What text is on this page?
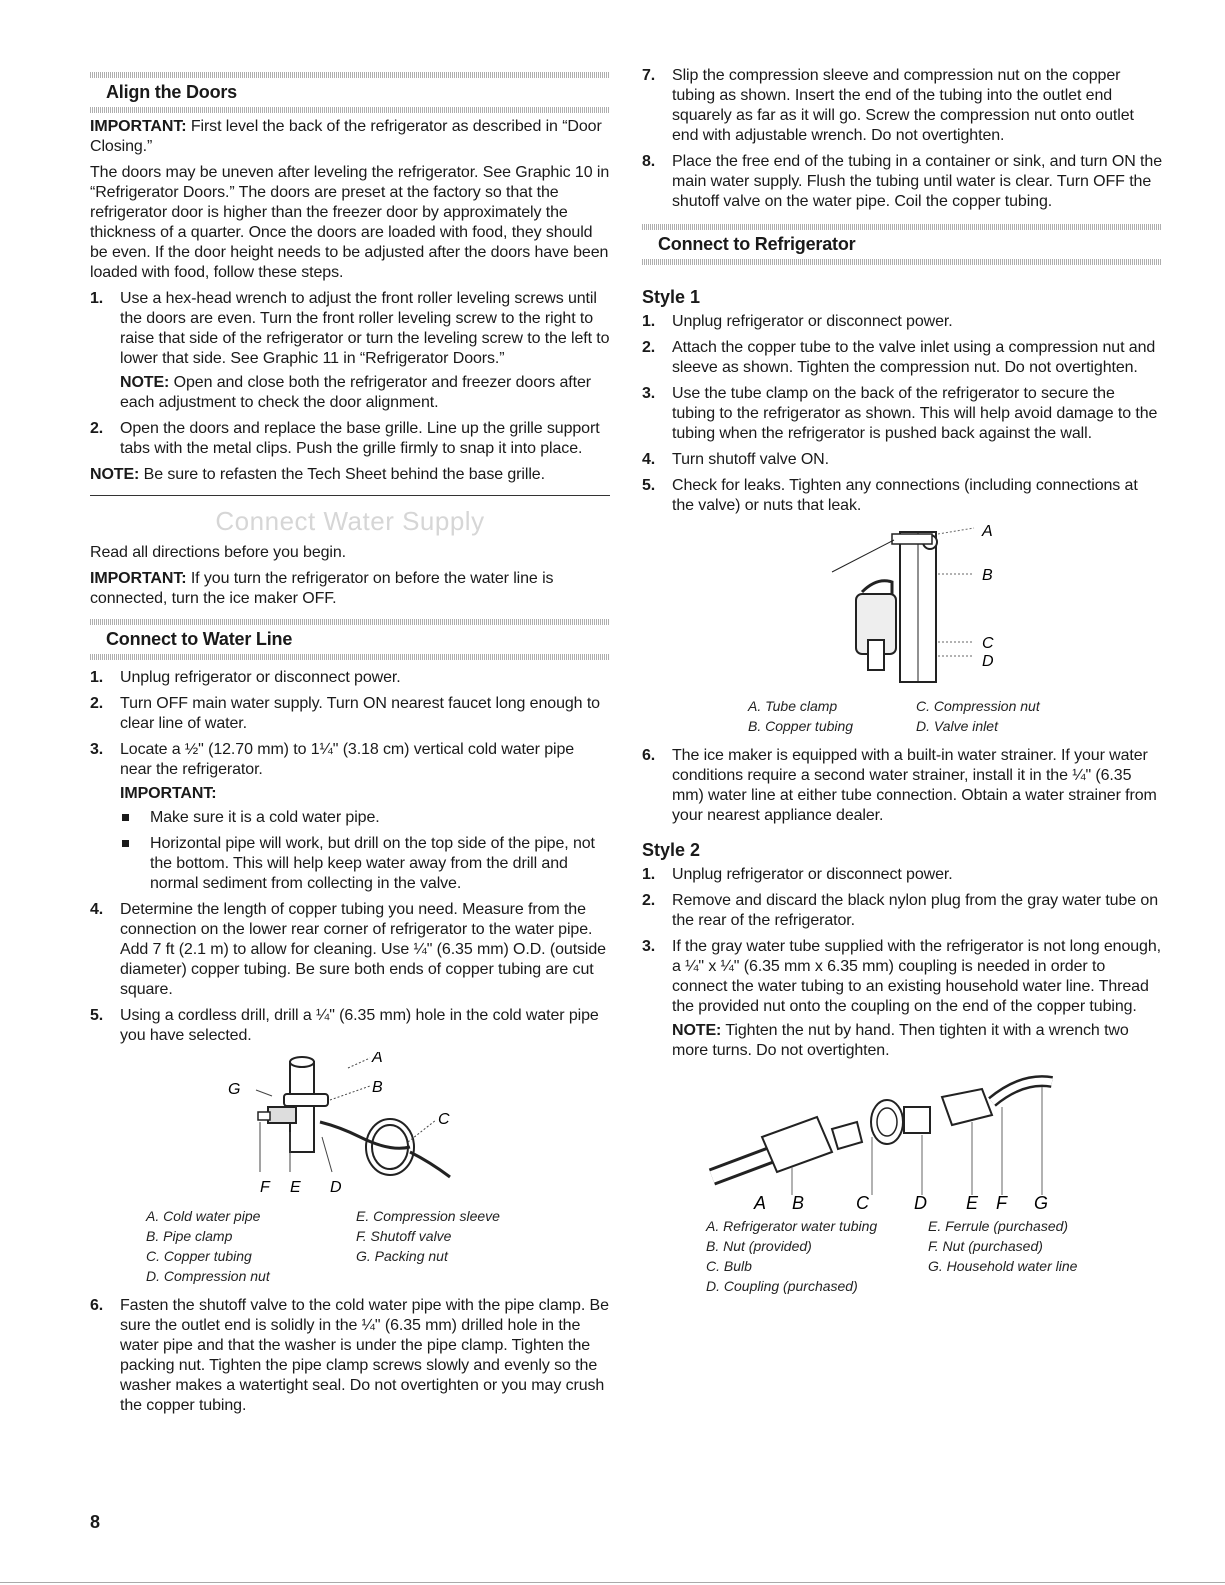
Align the Doors

IMPORTANT: First level the back of the refrigerator as described in “Door Closing.”

The doors may be uneven after leveling the refrigerator. See Graphic 10 in “Refrigerator Doors.” The doors are preset at the factory so that the refrigerator door is higher than the freezer door by approximately the thickness of a quarter. Once the doors are loaded with food, they should be even. If the door height needs to be adjusted after the doors have been loaded with food, follow these steps.

1. Use a hex-head wrench to adjust the front roller leveling screws until the doors are even. Turn the front roller leveling screw to the right to raise that side of the refrigerator or turn the leveling screw to the left to lower that side. See Graphic 11 in “Refrigerator Doors.”

NOTE: Open and close both the refrigerator and freezer doors after each adjustment to check the door alignment.

2. Open the doors and replace the base grille. Line up the grille support tabs with the metal clips. Push the grille firmly to snap it into place.

NOTE: Be sure to refasten the Tech Sheet behind the base grille.

Connect Water Supply

Read all directions before you begin.

IMPORTANT: If you turn the refrigerator on before the water line is connected, turn the ice maker OFF.

Connect to Water Line
1. Unplug refrigerator or disconnect power.
2. Turn OFF main water supply. Turn ON nearest faucet long enough to clear line of water.
3. Locate a ½" (12.70 mm) to 1¼" (3.18 cm) vertical cold water pipe near the refrigerator.
IMPORTANT:
Make sure it is a cold water pipe.
Horizontal pipe will work, but drill on the top side of the pipe, not the bottom. This will help keep water away from the drill and normal sediment from collecting in the valve.
4. Determine the length of copper tubing you need. Measure from the connection on the lower rear corner of refrigerator to the water pipe. Add 7 ft (2.1 m) to allow for cleaning. Use ¼" (6.35 mm) O.D. (outside diameter) copper tubing. Be sure both ends of copper tubing are cut square.
5. Using a cordless drill, drill a ¼" (6.35 mm) hole in the cold water pipe you have selected.
A
B
C
F E D
G
A. Cold water pipe
B. Pipe clamp
C. Copper tubing
D. Compression nut
E. Compression sleeve
F. Shutoff valve
G. Packing nut
6. Fasten the shutoff valve to the cold water pipe with the pipe clamp. Be sure the outlet end is solidly in the ¼" (6.35 mm) drilled hole in the water pipe and that the washer is under the pipe clamp. Tighten the packing nut. Tighten the pipe clamp screws slowly and evenly so the washer makes a watertight seal. Do not overtighten or you may crush the copper tubing.
7. Slip the compression sleeve and compression nut on the copper tubing as shown. Insert the end of the tubing into the outlet end squarely as far as it will go. Screw the compression nut onto outlet end with adjustable wrench. Do not overtighten.
8. Place the free end of the tubing in a container or sink, and turn ON the main water supply. Flush the tubing until water is clear. Turn OFF the shutoff valve on the water pipe. Coil the copper tubing.
Connect to Refrigerator
Style 1
1. Unplug refrigerator or disconnect power.
2. Attach the copper tube to the valve inlet using a compression nut and sleeve as shown. Tighten the compression nut. Do not overtighten.
3. Use the tube clamp on the back of the refrigerator to secure the tubing to the refrigerator as shown. This will help avoid damage to the tubing when the refrigerator is pushed back against the wall.
4. Turn shutoff valve ON.
5. Check for leaks. Tighten any connections (including connections at the valve) or nuts that leak.
A
B
C
D
A. Tube clamp
B. Copper tubing
C. Compression nut
D. Valve inlet
6. The ice maker is equipped with a built-in water strainer. If your water conditions require a second water strainer, install it in the ¼" (6.35 mm) water line at either tube connection. Obtain a water strainer from your nearest appliance dealer.
Style 2
1. Unplug refrigerator or disconnect power.
2. Remove and discard the black nylon plug from the gray water tube on the rear of the refrigerator.
3. If the gray water tube supplied with the refrigerator is not long enough, a ¼" x ¼" (6.35 mm x 6.35 mm) coupling is needed in order to connect the water tubing to an existing household water line. Thread the provided nut onto the coupling on the end of the copper tubing.

NOTE: Tighten the nut by hand. Then tighten it with a wrench two more turns. Do not overtighten.

A B	C	D E F G
A. Refrigerator water tubing
B. Nut (provided)
C. Bulb
D. Coupling (purchased)
E. Ferrule (purchased)
F. Nut (purchased)
G. Household water line
8
